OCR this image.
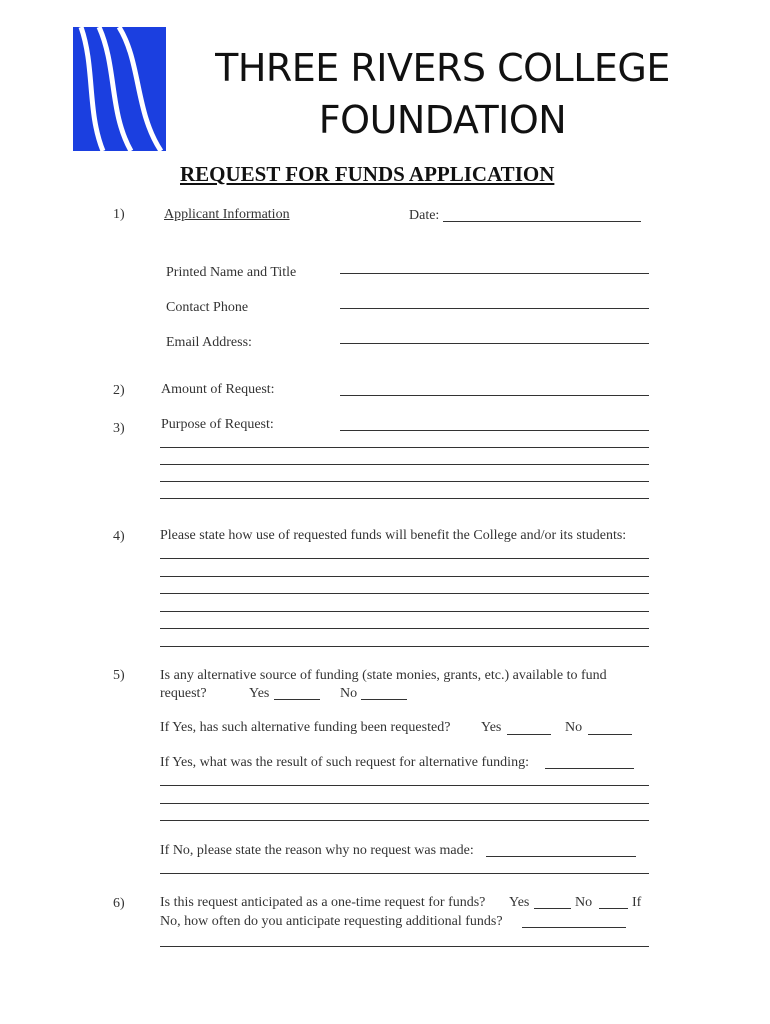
THREE RIVERS COLLEGE
FOUNDATION
REQUEST FOR FUNDS APPLICATION
1)	Applicant Information	Date:
Printed Name and Title
Contact Phone
Email Address:
2)	Amount of Request:
3)	Purpose of Request:
4)	Please state how use of requested funds will benefit the College and/or its students:
5)	Is any alternative source of funding (state monies, grants, etc.) available to fund
request?	Yes	No
If Yes, has such alternative funding been requested? Yes	No
If Yes, what was the result of such request for alternative funding:
If No, please state the reason why no request was made:
6)	Is this request anticipated as a one-time request for funds? Yes	No	If
No, how often do you anticipate requesting additional funds?
